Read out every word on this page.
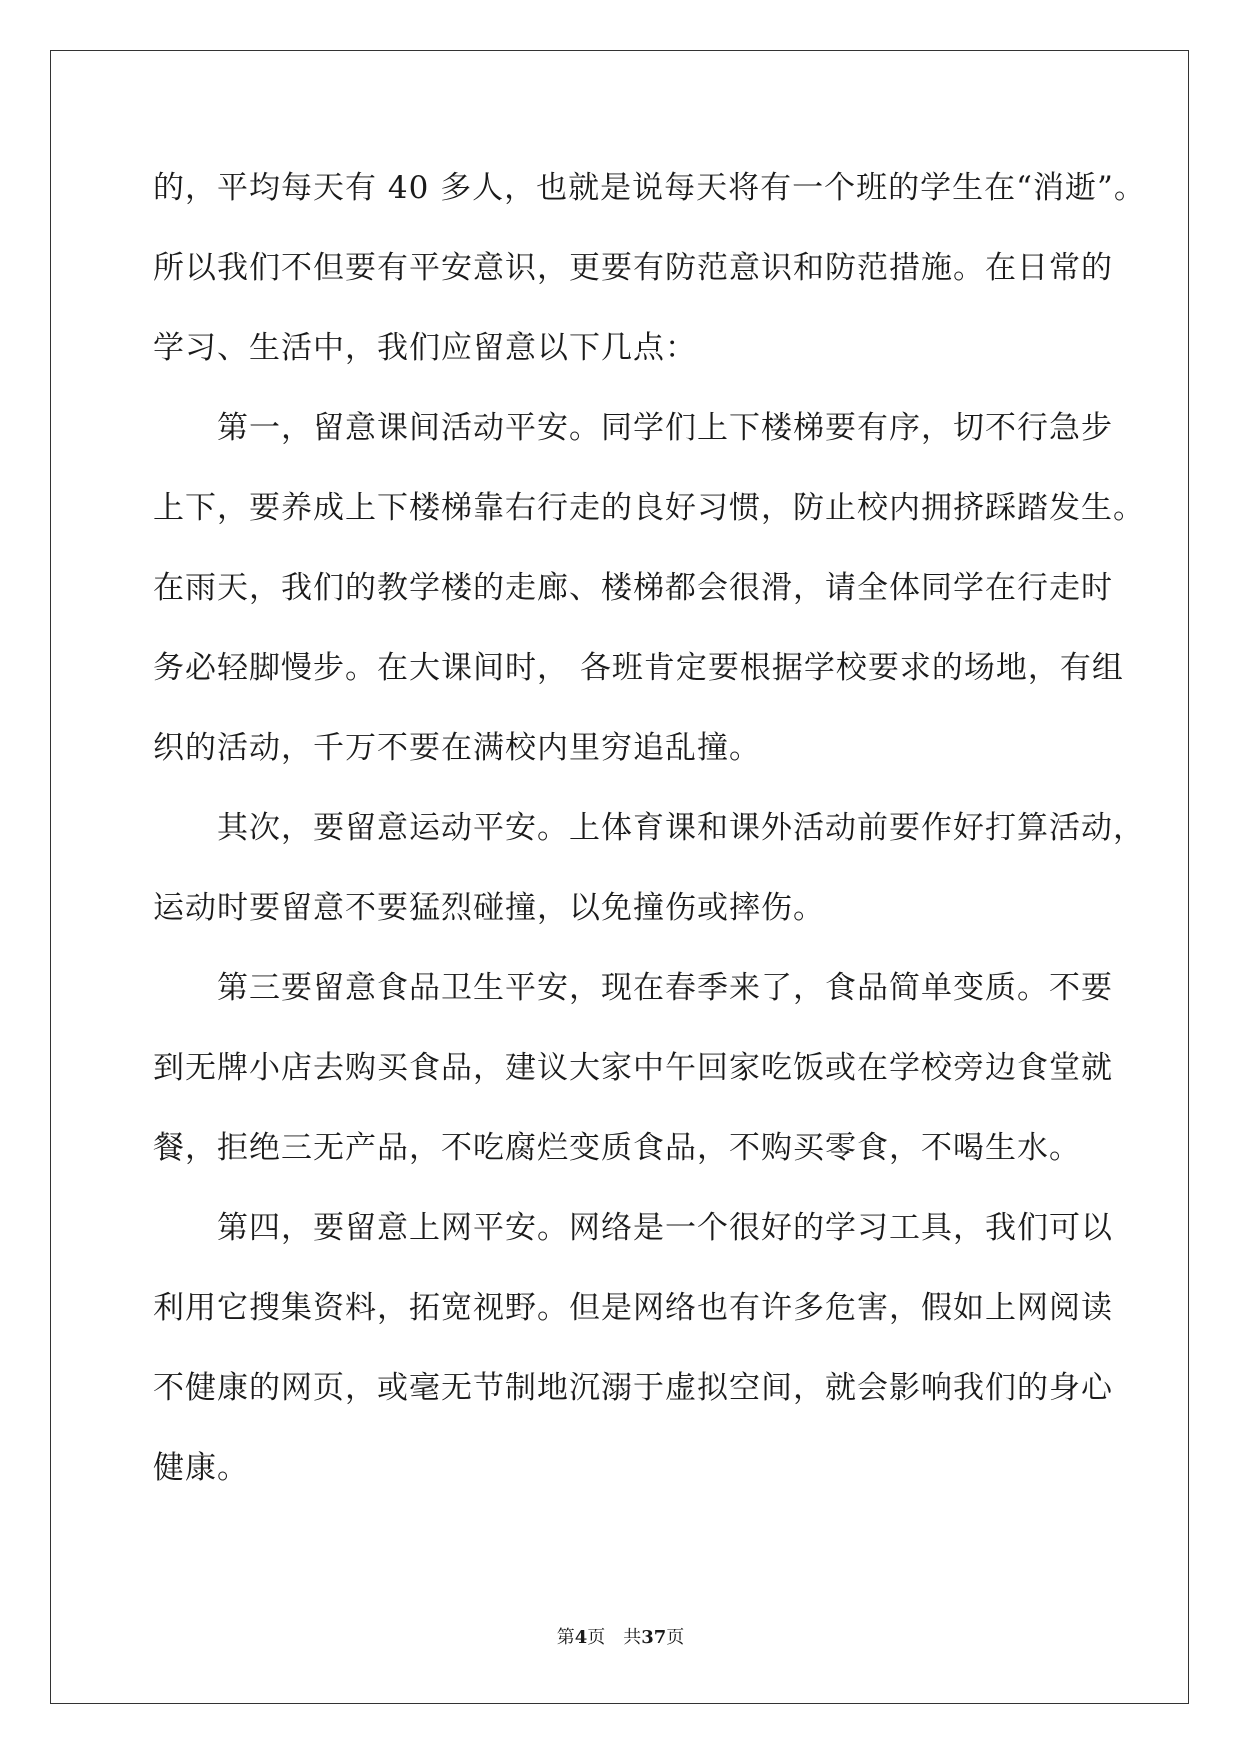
的，平均每天有 40 多人，也就是说每天将有一个班的学生在“消逝”。
所以我们不但要有平安意识，更要有防范意识和防范措施。在日常的
学习、生活中，我们应留意以下几点：
　　第一，留意课间活动平安。同学们上下楼梯要有序，切不行急步
上下，要养成上下楼梯靠右行走的良好习惯，防止校内拥挤踩踏发生。
在雨天，我们的教学楼的走廊、楼梯都会很滑，请全体同学在行走时
务必轻脚慢步。在大课间时， 各班肯定要根据学校要求的场地，有组
织的活动，千万不要在满校内里穷追乱撞。
　　其次，要留意运动平安。上体育课和课外活动前要作好打算活动，
运动时要留意不要猛烈碰撞，以免撞伤或摔伤。
　　第三要留意食品卫生平安，现在春季来了，食品简单变质。不要
到无牌小店去购买食品，建议大家中午回家吃饭或在学校旁边食堂就
餐，拒绝三无产品，不吃腐烂变质食品，不购买零食，不喝生水。
　　第四，要留意上网平安。网络是一个很好的学习工具，我们可以
利用它搜集资料，拓宽视野。但是网络也有许多危害，假如上网阅读
不健康的网页，或毫无节制地沉溺于虚拟空间，就会影响我们的身心
健康。
第4页 共37页
